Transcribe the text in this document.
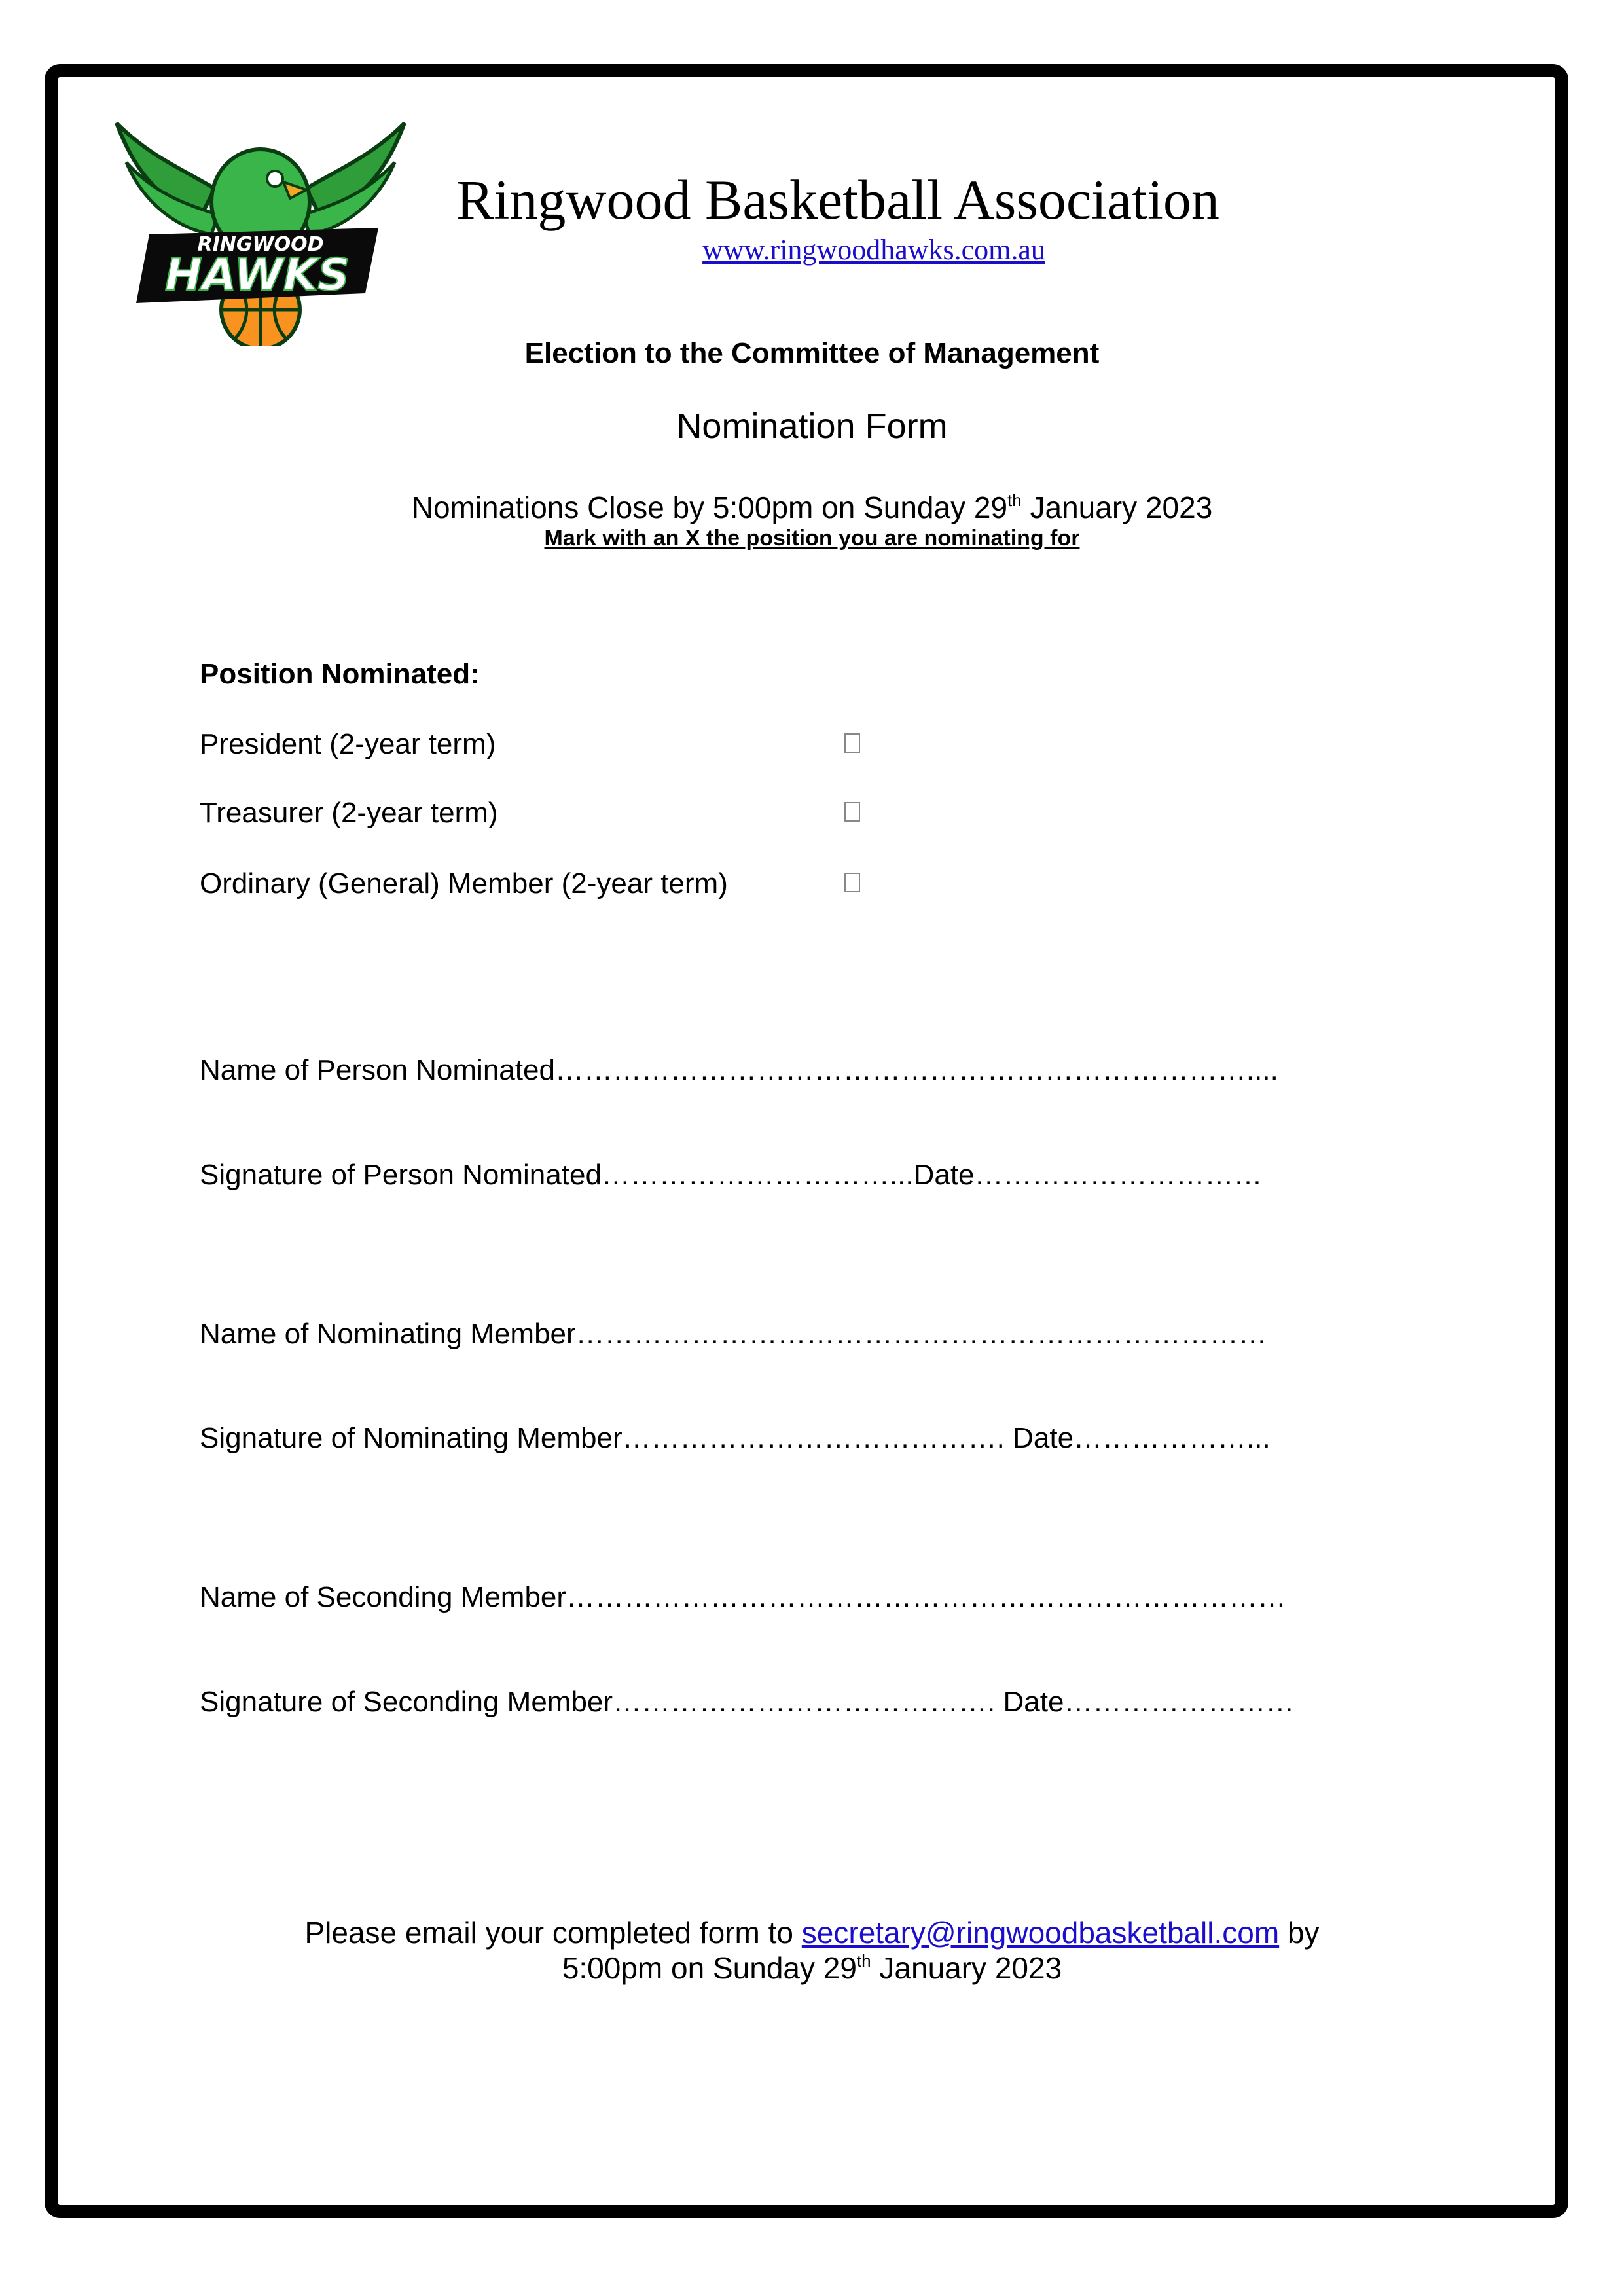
RINGWOOD
HAWKS
Ringwood Basketball Association
www.ringwoodhawks.com.au
Election to the Committee of Management
Nomination Form
Nominations Close by 5:00pm on Sunday 29th January 2023
Mark with an X the position you are nominating for
Position Nominated:
President (2-year term)
Treasurer (2-year term)
Ordinary (General) Member (2-year term)
Name of Person Nominated………………………………………………………………....
Signature of Person Nominated…………………………...Date…………………………
Name of Nominating Member………………………………………………………………
Signature of Nominating Member…………………………………. Date………………...
Name of Seconding Member…………………………………………………………………
Signature of Seconding Member…………………………………. Date……………………
Please email your completed form to secretary@ringwoodbasketball.com by
5:00pm on Sunday 29th January 2023
